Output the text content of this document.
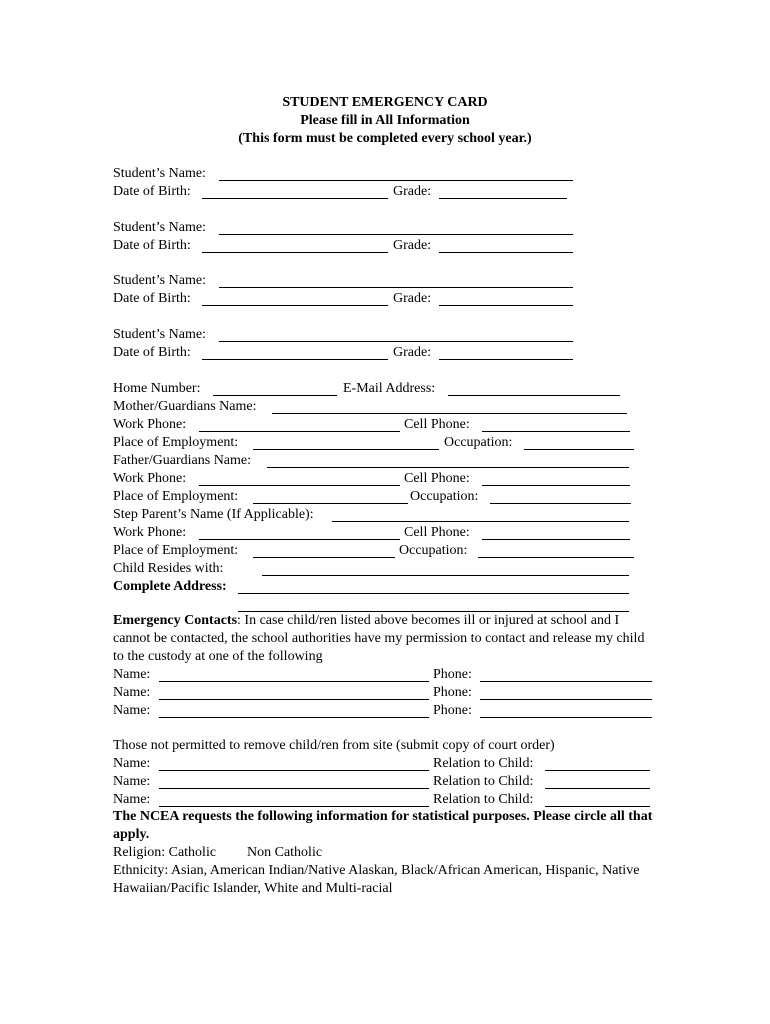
STUDENT EMERGENCY CARD
Please fill in All Information
(This form must be completed every school year.)
Student’s Name:
Date of Birth:	Grade:
Student’s Name:
Date of Birth:	Grade:
Student’s Name:
Date of Birth:	Grade:
Student’s Name:
Date of Birth:	Grade:
Home Number:	E-Mail Address:
Mother/Guardians Name:
Work Phone:	Cell Phone:
Place of Employment:	Occupation:
Father/Guardians Name:
Work Phone:	Cell Phone:
Place of Employment:	Occupation:
Step Parent’s Name (If Applicable):
Work Phone:	Cell Phone:
Place of Employment:	Occupation:
Child Resides with:
Complete Address:
Emergency Contacts: In case child/ren listed above becomes ill or injured at school and I cannot be contacted, the school authorities have my permission to contact and release my child to the custody at one of the following
Name:	Phone:
Name:	Phone:
Name:	Phone:
Those not permitted to remove child/ren from site (submit copy of court order)
Name:	Relation to Child:
Name:	Relation to Child:
Name:	Relation to Child:
The NCEA requests the following information for statistical purposes. Please circle all that apply.
Religion: Catholic Non Catholic
Ethnicity: Asian, American Indian/Native Alaskan, Black/African American, Hispanic, Native Hawaiian/Pacific Islander, White and Multi-racial
